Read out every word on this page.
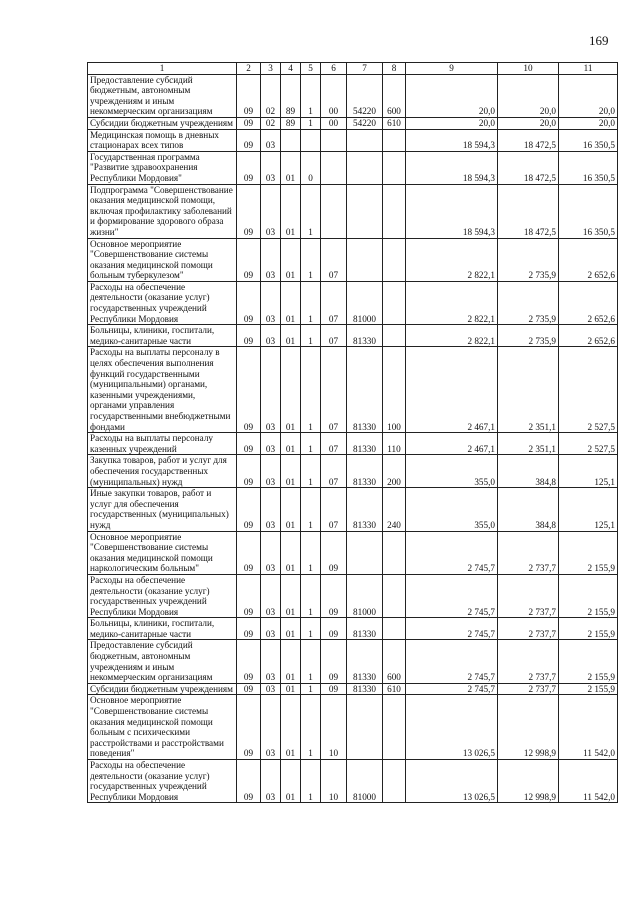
169
1	2	3	4	5	6	7	8	9	10	11
Предоставление субсидий бюджетным, автономным учреждениям и иным некоммерческим организациям	09	02	89	1	00	54220	600	20,0	20,0	20,0
Субсидии бюджетным учреждениям	09	02	89	1	00	54220	610	20,0	20,0	20,0
Медицинская помощь в дневных стационарах всех типов	09	03						18 594,3	18 472,5	16 350,5
Государственная программа "Развитие здравоохранения Республики Мордовия"	09	03	01	0				18 594,3	18 472,5	16 350,5
Подпрограмма "Совершенствование оказания медицинской помощи, включая профилактику заболеваний и формирование здорового образа жизни"	09	03	01	1				18 594,3	18 472,5	16 350,5
Основное мероприятие "Совершенствование системы оказания медицинской помощи больным туберкулезом"	09	03	01	1	07			2 822,1	2 735,9	2 652,6
Расходы на обеспечение деятельности (оказание услуг) государственных учреждений Республики Мордовия	09	03	01	1	07	81000		2 822,1	2 735,9	2 652,6
Больницы, клиники, госпитали, медико-санитарные части	09	03	01	1	07	81330		2 822,1	2 735,9	2 652,6
Расходы на выплаты персоналу в целях обеспечения выполнения функций государственными (муниципальными) органами, казенными учреждениями, органами управления государственными внебюджетными фондами	09	03	01	1	07	81330	100	2 467,1	2 351,1	2 527,5
Расходы на выплаты персоналу казенных учреждений	09	03	01	1	07	81330	110	2 467,1	2 351,1	2 527,5
Закупка товаров, работ и услуг для обеспечения государственных (муниципальных) нужд	09	03	01	1	07	81330	200	355,0	384,8	125,1
Иные закупки товаров, работ и услуг для обеспечения государственных (муниципальных) нужд	09	03	01	1	07	81330	240	355,0	384,8	125,1
Основное мероприятие "Совершенствование системы оказания медицинской помощи наркологическим больным"	09	03	01	1	09			2 745,7	2 737,7	2 155,9
Расходы на обеспечение деятельности (оказание услуг) государственных учреждений Республики Мордовия	09	03	01	1	09	81000		2 745,7	2 737,7	2 155,9
Больницы, клиники, госпитали, медико-санитарные части	09	03	01	1	09	81330		2 745,7	2 737,7	2 155,9
Предоставление субсидий бюджетным, автономным учреждениям и иным некоммерческим организациям	09	03	01	1	09	81330	600	2 745,7	2 737,7	2 155,9
Субсидии бюджетным учреждениям	09	03	01	1	09	81330	610	2 745,7	2 737,7	2 155,9
Основное мероприятие "Совершенствование системы оказания медицинской помощи больным с психическими расстройствами и расстройствами поведения"	09	03	01	1	10			13 026,5	12 998,9	11 542,0
Расходы на обеспечение деятельности (оказание услуг) государственных учреждений Республики Мордовия	09	03	01	1	10	81000		13 026,5	12 998,9	11 542,0
